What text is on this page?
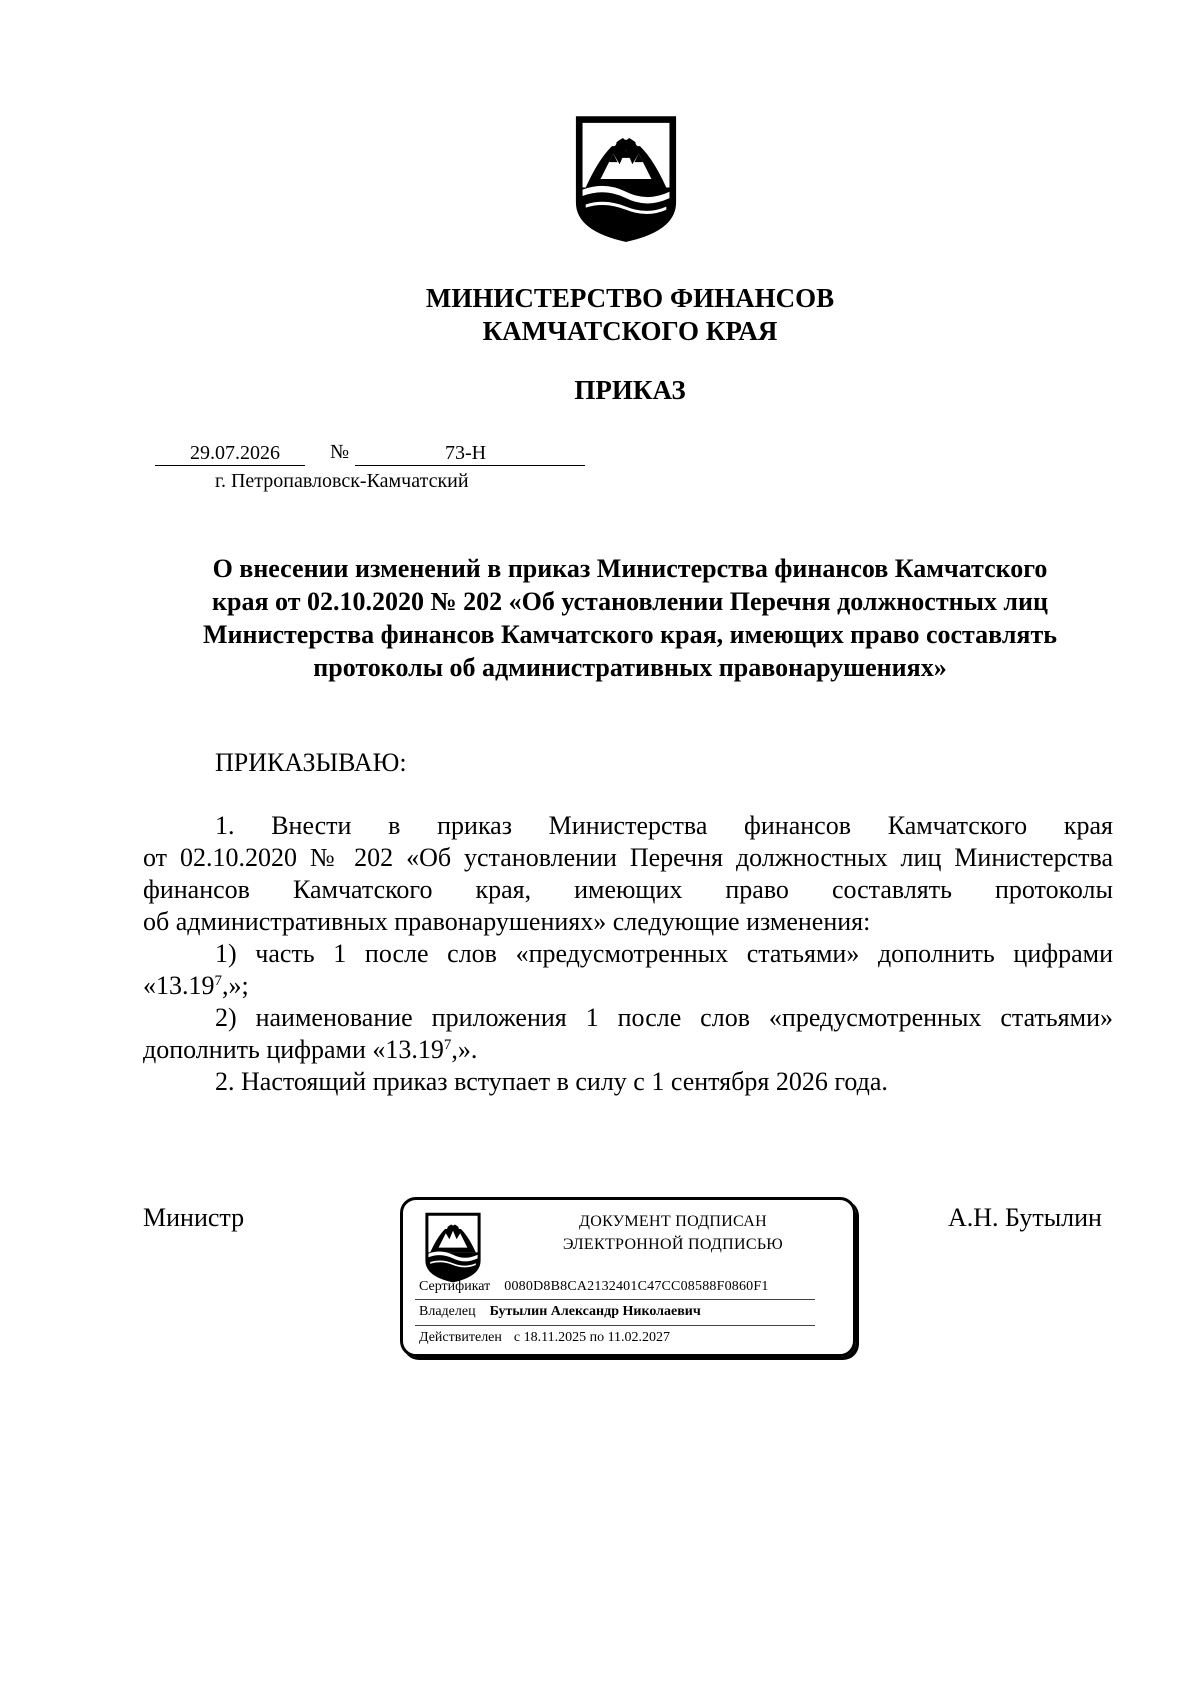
МИНИСТЕРСТВО ФИНАНСОВ
КАМЧАТСКОГО КРАЯ
ПРИКАЗ
29.07.2026	№	73-Н
г. Петропавловск-Камчатский
О внесении изменений в приказ Министерства финансов Камчатского
края от 02.10.2020 № 202 «Об установлении Перечня должностных лиц
Министерства финансов Камчатского края, имеющих право составлять
протоколы об административных правонарушениях»
ПРИКАЗЫВАЮ:

1. Внести в приказ Министерства финансов Камчатского края

от 02.10.2020 № 202 «Об установлении Перечня должностных лиц Министерства
финансов Камчатского края, имеющих право составлять протоколы
об административных правонарушениях» следующие изменения:

1) часть 1 после слов «предусмотренных статьями» дополнить цифрами

«13.19$^7$,»;

2) наименование приложения 1 после слов «предусмотренных статьями»

дополнить цифрами «13.19$^7$,».

2. Настоящий приказ вступает в силу с 1 сентября 2026 года.

Министр	ДОКУМЕНТ ПОДПИСАН
ЭЛЕКТРОННОЙ ПОДПИСЬЮ
Сертификат 0080D8B8CA2132401C47CC08588F0860F1
Владелец Бутылин Александр Николаевич
Действителен с 18.11.2025 по 11.02.2027
А.Н. Бутылин
